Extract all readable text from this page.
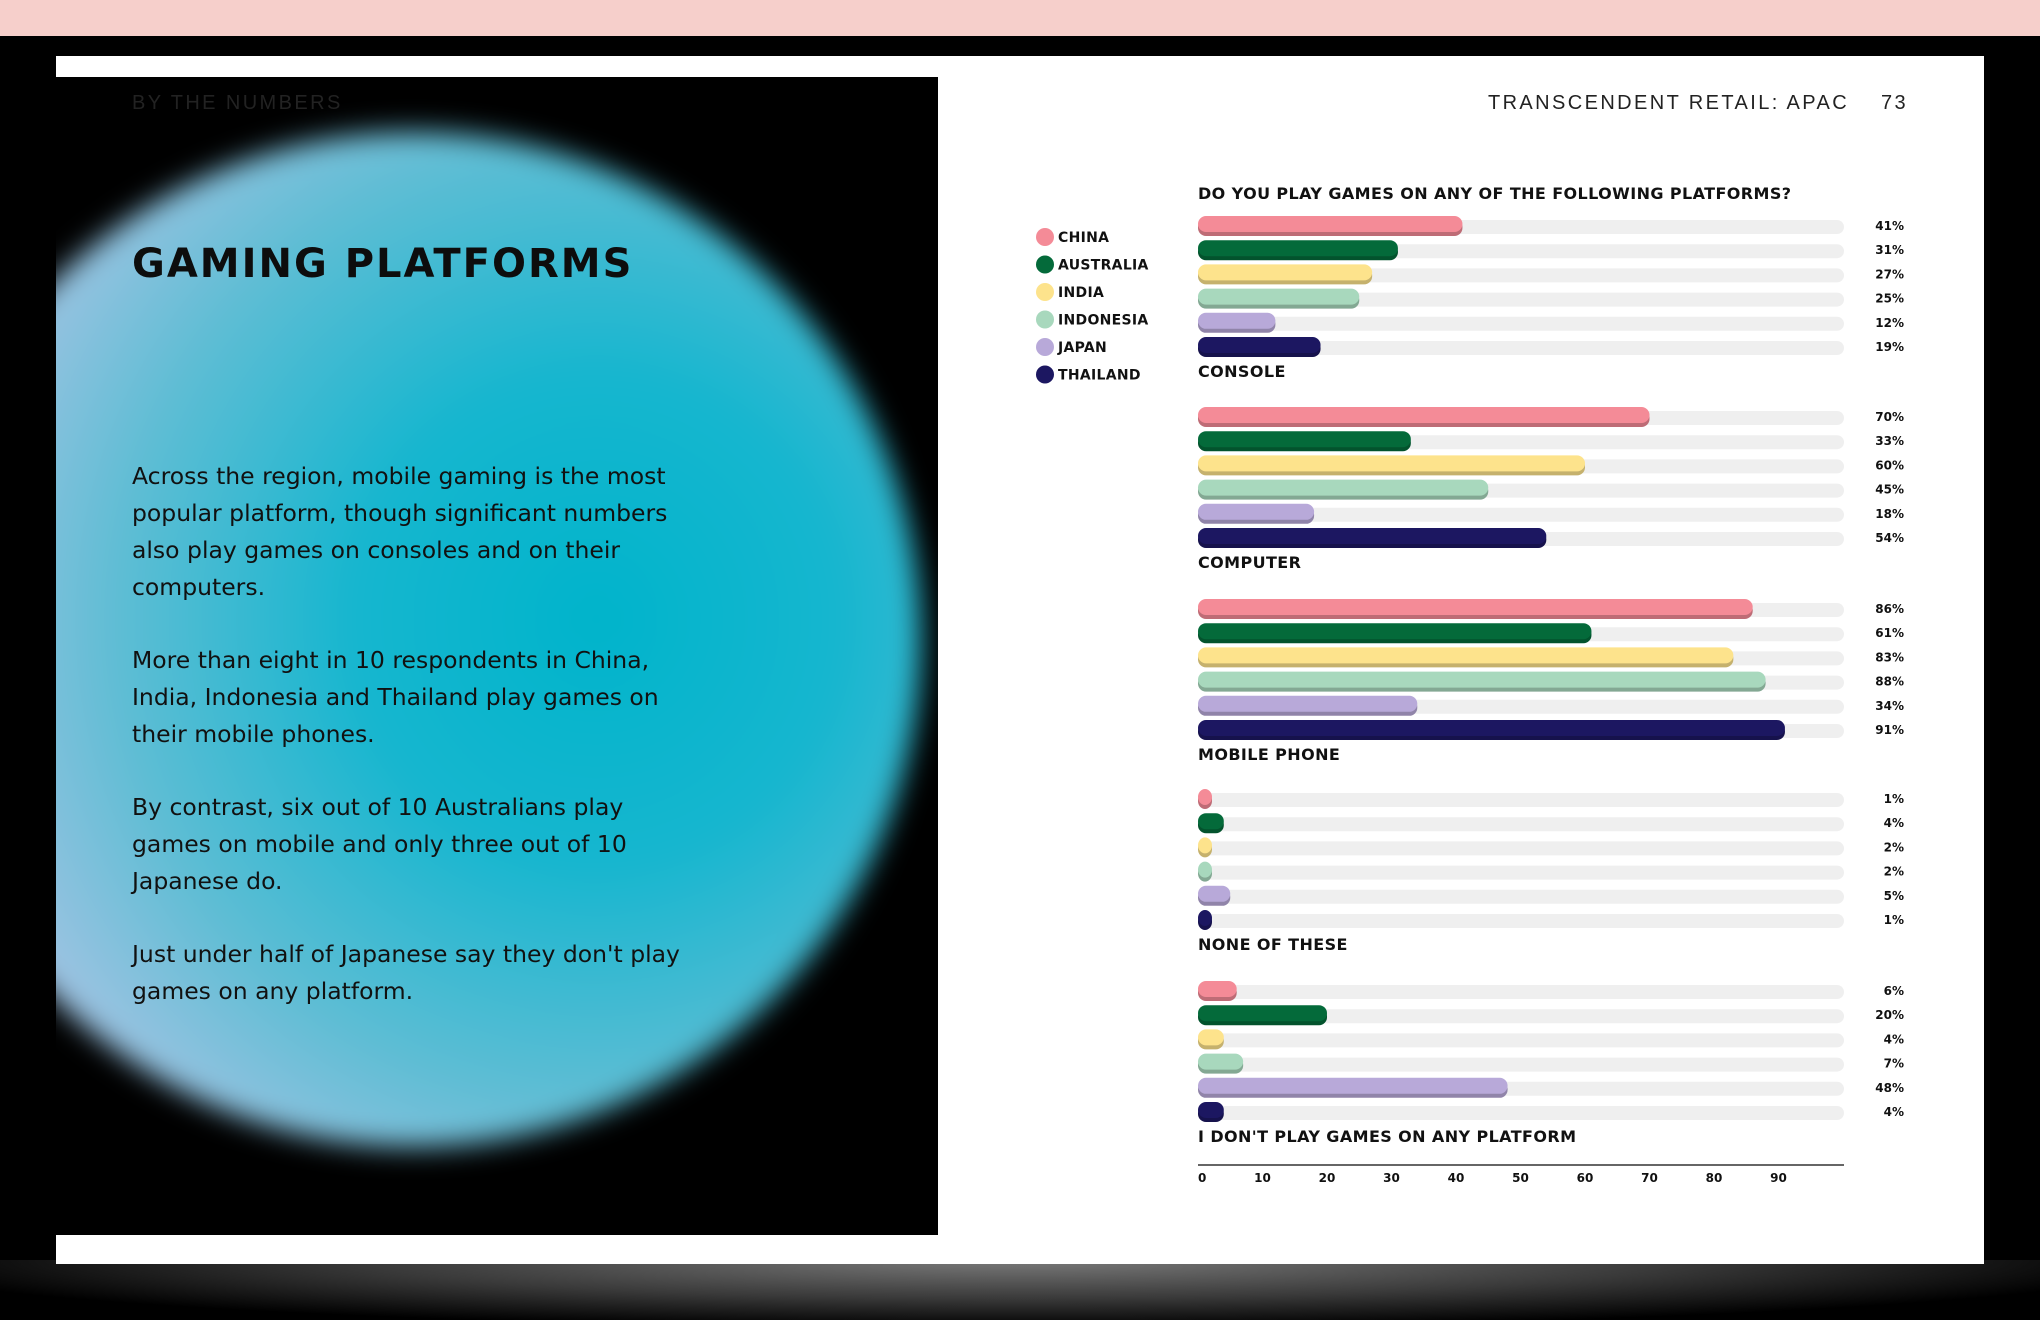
BY THE NUMBERS	TRANSCENDENT RETAIL: APAC 73
GAMING PLATFORMS

Across the region, mobile gaming is the most popular platform, though significant numbers also play games on consoles and on their computers.

More than eight in 10 respondents in China, India, Indonesia and Thailand play games on their mobile phones.

By contrast, six out of 10 Australians play games on mobile and only three out of 10 Japanese do.

Just under half of Japanese say they don't play games on any platform.

DO YOU PLAY GAMES ON ANY OF THE FOLLOWING PLATFORMS?
CHINA
AUSTRALIA
INDIA
INDONESIA
JAPAN
THAILAND
41%
31%
27%
25%
12%
19%
CONSOLE
70%
33%
60%
45%
18%
54%
COMPUTER
86%
61%
83%
88%
34%
91%
MOBILE PHONE
1%
4%
2%
2%
5%
1%
NONE OF THESE
6%
20%
4%
7%
48%
4%
I DON'T PLAY GAMES ON ANY PLATFORM
0	10	20	30	40	50	60	70	80	90
